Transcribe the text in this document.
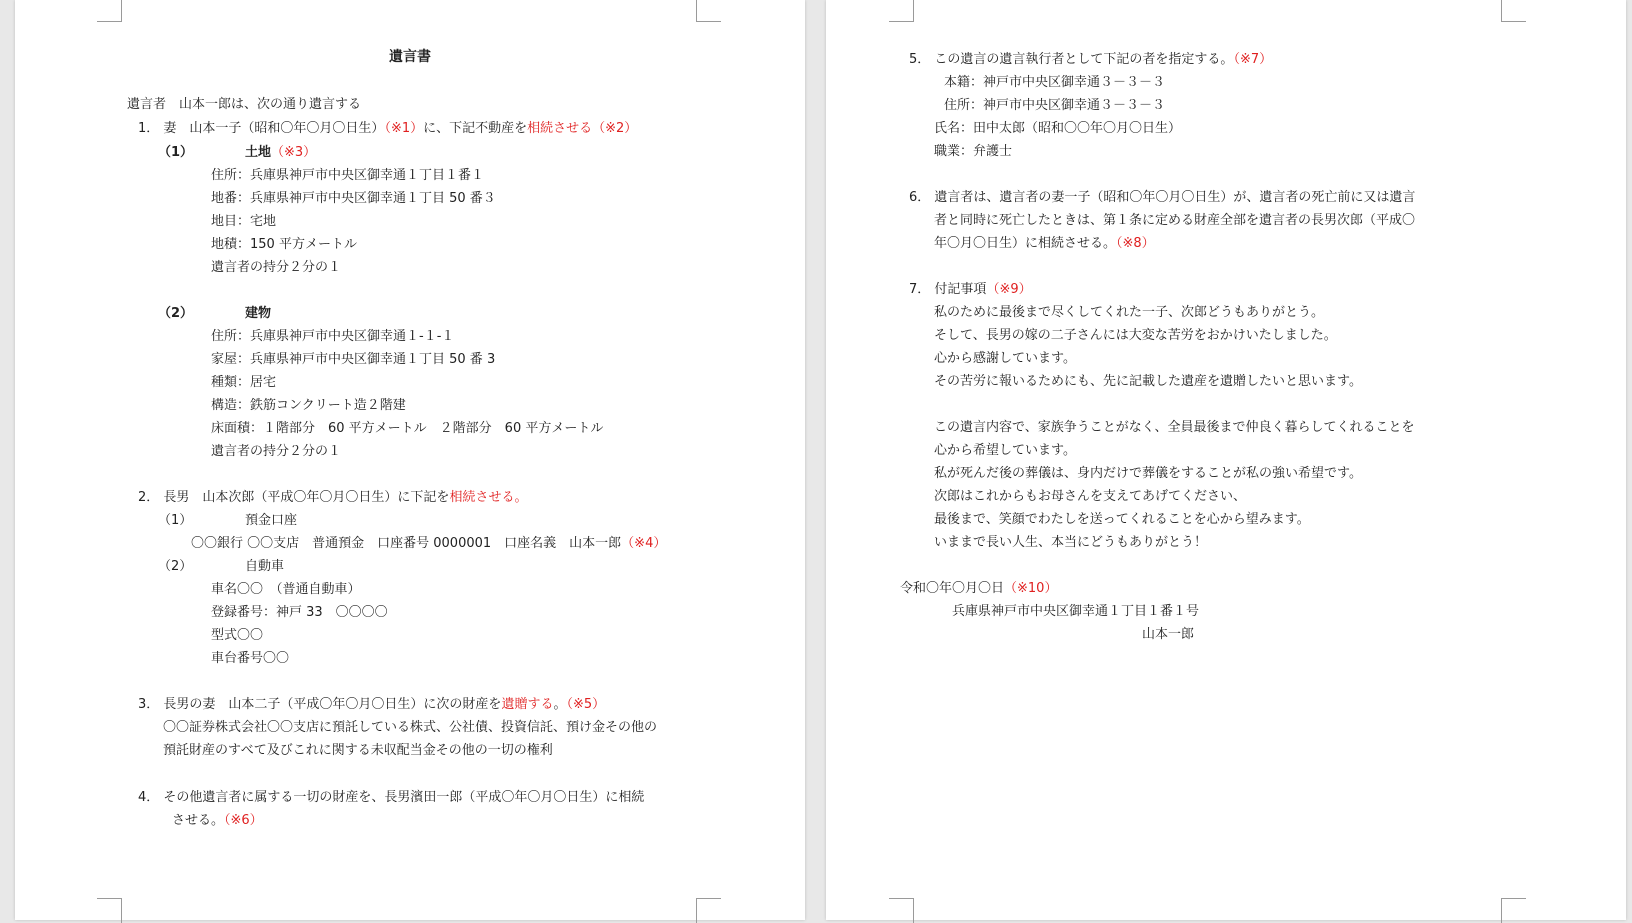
遺言書
遺言者　山本一郎は、次の通り遺言する
1． 妻　山本一子（昭和〇年〇月〇日生）（※1）に、下記不動産を相続させる（※2）
（1）	土地（※3）
住所：兵庫県神戸市中央区御幸通１丁目１番１
地番：兵庫県神戸市中央区御幸通１丁目 50 番３
地目：宅地
地積：150 平方メートル
遺言者の持分２分の１
（2）	建物
住所：兵庫県神戸市中央区御幸通１‐１‐１
家屋：兵庫県神戸市中央区御幸通１丁目 50 番 3
種類：居宅
構造：鉄筋コンクリート造２階建
床面積：１階部分　60 平方メートル　２階部分　60 平方メートル
遺言者の持分２分の１
2． 長男　山本次郎（平成〇年〇月〇日生）に下記を相続させる。
（1）	預金口座
〇〇銀行 〇〇支店　普通預金　口座番号 0000001　口座名義　山本一郎（※4）
（2）	自動車
車名〇〇　（普通自動車）
登録番号：神戸 33　〇〇〇〇
型式〇〇
車台番号〇〇
3． 長男の妻　山本二子（平成〇年〇月〇日生）に次の財産を遺贈する。（※5）
〇〇証券株式会社〇〇支店に預託している株式、公社債、投資信託、預け金その他の
預託財産のすべて及びこれに関する未収配当金その他の一切の権利
4． その他遺言者に属する一切の財産を、長男濱田一郎（平成〇年〇月〇日生）に相続
させる。（※6）
5． この遺言の遺言執行者として下記の者を指定する。（※7）
本籍：神戸市中央区御幸通３－３－３
住所：神戸市中央区御幸通３－３－３
氏名：田中太郎（昭和〇〇年〇月〇日生）
職業：弁護士
6． 遺言者は、遺言者の妻一子（昭和〇年〇月〇日生）が、遺言者の死亡前に又は遺言
者と同時に死亡したときは、第１条に定める財産全部を遺言者の長男次郎（平成〇
年〇月〇日生）に相続させる。（※8）
7． 付記事項（※9）
私のために最後まで尽くしてくれた一子、次郎どうもありがとう。
そして、長男の嫁の二子さんには大変な苦労をおかけいたしました。
心から感謝しています。
その苦労に報いるためにも、先に記載した遺産を遺贈したいと思います。
この遺言内容で、家族争うことがなく、全員最後まで仲良く暮らしてくれることを
心から希望しています。
私が死んだ後の葬儀は、身内だけで葬儀をすることが私の強い希望です。
次郎はこれからもお母さんを支えてあげてください、
最後まで、笑顔でわたしを送ってくれることを心から望みます。
いままで長い人生、本当にどうもありがとう！
令和〇年〇月〇日（※10）
兵庫県神戸市中央区御幸通１丁目１番１号
山本一郎
